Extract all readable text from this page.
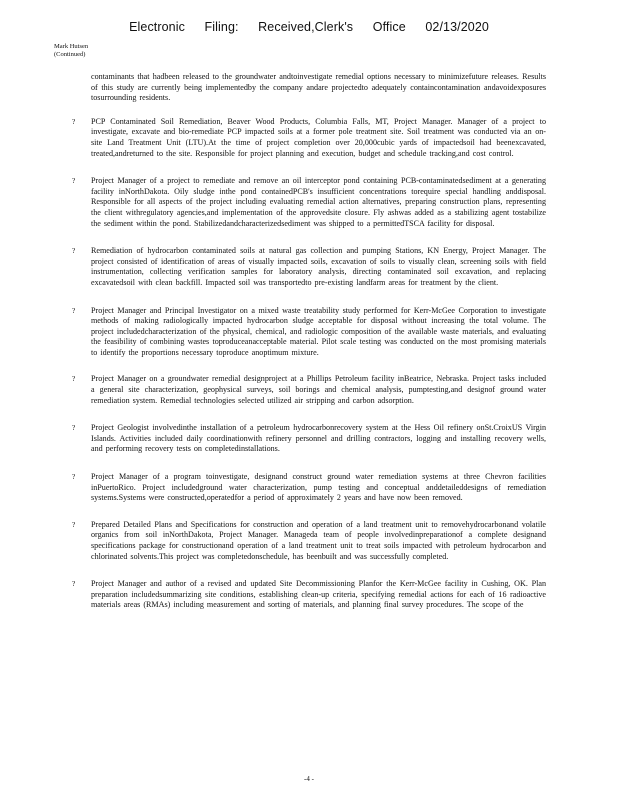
Electronic Filing: Received,Clerk's Office 02/13/2020
Mark Hutsen
(Continued)

contaminants that hadbeen released to the groundwater andtoinvestigate remedial options necessary to minimizefuture releases. Results of this study are currently being implementedby the company andare projectedto adequately containcontamination andavoidexposures tosurrounding residents.

? PCP Contaminated Soil Remediation, Beaver Wood Products, Columbia Falls, MT, Project Manager. Manager of a project to investigate, excavate and bio-remediate PCP impacted soils at a former pole treatment site. Soil treatment was conducted via an on-site Land Treatment Unit (LTU).At the time of project completion over 20,000cubic yards of impactedsoil had beenexcavated, treated,andreturned to the site. Responsible for project planning and execution, budget and schedule tracking,and cost control.
? Project Manager of a project to remediate and remove an oil interceptor pond containing PCB-contaminatedsediment at a generating facility inNorthDakota. Oily sludge inthe pond containedPCB's insufficient concentrations torequire special handling anddisposal. Responsible for all aspects of the project including evaluating remedial action alternatives, preparing construction plans, representing the client withregulatory agencies,and implementation of the approvedsite closure. Fly ashwas added as a stabilizing agent tostabilize the sediment within the pond. Stabilizedandcharacterizedsediment was shipped to a permittedTSCA facility for disposal.
? Remediation of hydrocarbon contaminated soils at natural gas collection and pumping Stations, KN Energy, Project Manager. The project consisted of identification of areas of visually impacted soils, excavation of soils to visually clean, screening soils with field instrumentation, collecting verification samples for laboratory analysis, directing contaminated soil excavation, and replacing excavatedsoil with clean backfill. Impacted soil was transportedto pre-existing landfarm areas for treatment by the client.
? Project Manager and Principal Investigator on a mixed waste treatability study performed for Kerr-McGee Corporation to investigate methods of making radiologically impacted hydrocarbon sludge acceptable for disposal without increasing the total volume. The project includedcharacterization of the physical, chemical, and radiologic composition of the available waste materials, and evaluating the feasibility of combining wastes toproduceanacceptable material. Pilot scale testing was conducted on the most promising materials to identify the proportions necessary toproduce anoptimum mixture.
? Project Manager on a groundwater remedial designproject at a Phillips Petroleum facility inBeatrice, Nebraska. Project tasks included a general site characterization, geophysical surveys, soil borings and chemical analysis, pumptesting,and designof ground water remediation system. Remedial technologies selected utilized air stripping and carbon adsorption.
? Project Geologist involvedinthe installation of a petroleum hydrocarbonrecovery system at the Hess Oil refinery onSt.CroixUS Virgin Islands. Activities included daily coordinationwith refinery personnel and drilling contractors, logging and installing recovery wells, and performing recovery tests on completedinstallations.
? Project Manager of a program toinvestigate, designand construct ground water remediation systems at three Chevron facilities inPuertoRico. Project includedground water characterization, pump testing and conceptual anddetaileddesigns of remediation systems.Systems were constructed,operatedfor a period of approximately 2 years and have now been removed.
? Prepared Detailed Plans and Specifications for construction and operation of a land treatment unit to removehydrocarbonand volatile organics from soil inNorthDakota, Project Manager. Manageda team of people involvedinpreparationof a complete designand specifications package for constructionand operation of a land treatment unit to treat soils impacted with petroleum hydrocarbon and chlorinated solvents.This project was completedonschedule, has beenbuilt and was successfully completed.
? Project Manager and author of a revised and updated Site Decommissioning Planfor the Kerr-McGee facility in Cushing, OK. Plan preparation includedsummarizing site conditions, establishing clean-up criteria, specifying remedial actions for each of 16 radioactive materials areas (RMAs) including measurement and sorting of materials, and planning final survey procedures. The scope of the
-4 -
